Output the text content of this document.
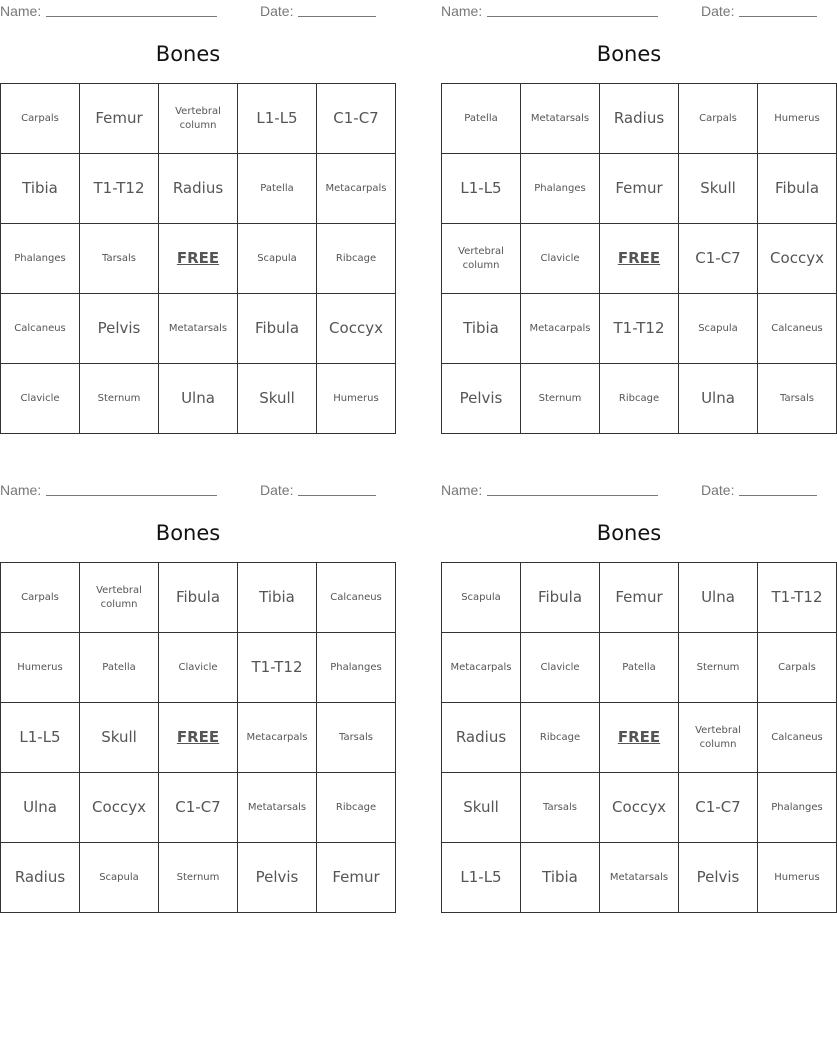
Name:	Date:
Bones
Carpals	Femur	Vertebral column	L1-L5	C1-C7
Tibia	T1-T12	Radius	Patella	Metacarpals
Phalanges	Tarsals	FREE	Scapula	Ribcage
Calcaneus	Pelvis	Metatarsals	Fibula	Coccyx
Clavicle	Sternum	Ulna	Skull	Humerus
Name:	Date:
Bones
Patella	Metatarsals	Radius	Carpals	Humerus
L1-L5	Phalanges	Femur	Skull	Fibula
Vertebral column	Clavicle	FREE	C1-C7	Coccyx
Tibia	Metacarpals	T1-T12	Scapula	Calcaneus
Pelvis	Sternum	Ribcage	Ulna	Tarsals
Name:	Date:
Bones
Carpals	Vertebral column	Fibula	Tibia	Calcaneus
Humerus	Patella	Clavicle	T1-T12	Phalanges
L1-L5	Skull	FREE	Metacarpals	Tarsals
Ulna	Coccyx	C1-C7	Metatarsals	Ribcage
Radius	Scapula	Sternum	Pelvis	Femur
Name:	Date:
Bones
Scapula	Fibula	Femur	Ulna	T1-T12
Metacarpals	Clavicle	Patella	Sternum	Carpals
Radius	Ribcage	FREE	Vertebral column	Calcaneus
Skull	Tarsals	Coccyx	C1-C7	Phalanges
L1-L5	Tibia	Metatarsals	Pelvis	Humerus
